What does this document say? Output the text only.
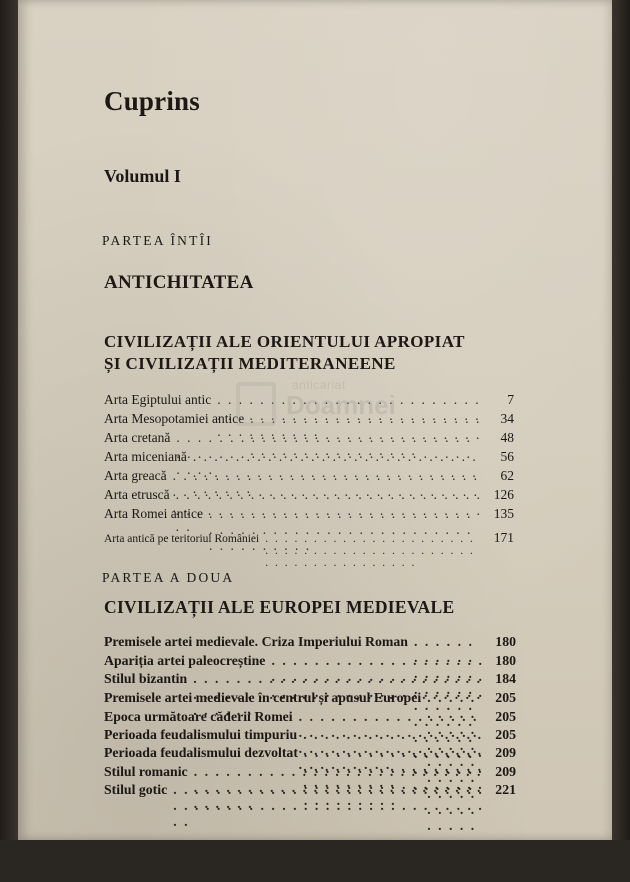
Cuprins
Volumul I
PARTEA ÎNTÎI
ANTICHITATEA
CIVILIZAȚII ALE ORIENTULUI APROPIAT
ȘI CIVILIZAȚII MEDITERANEENE
Arta Egiptului antic . . .	7
Arta Mesopotamiei antice . . .	34
Arta cretană . . .	48
Arta miceniană . . .	56
Arta greacă . . .	62
Arta etruscă . . .	126
Arta Romei antice . . .	135
Arta antică pe teritoriul României . . .	171
anticariat
Doamnei
PARTEA A DOUA
CIVILIZAȚII ALE EUROPEI MEDIEVALE
Premisele artei medievale. Criza Imperiului Roman . . .	180
Apariția artei paleocreștine . . .	180
Stilul bizantin . . .	184
Premisele artei medievale în centrul și apusul Europei . . .	205
Epoca următoare căderii Romei . . .	205
Perioada feudalismului timpuriu . . .	205
Perioada feudalismului dezvoltat . . .	209
Stilul romanic . . .	209
Stilul gotic . . .	221
